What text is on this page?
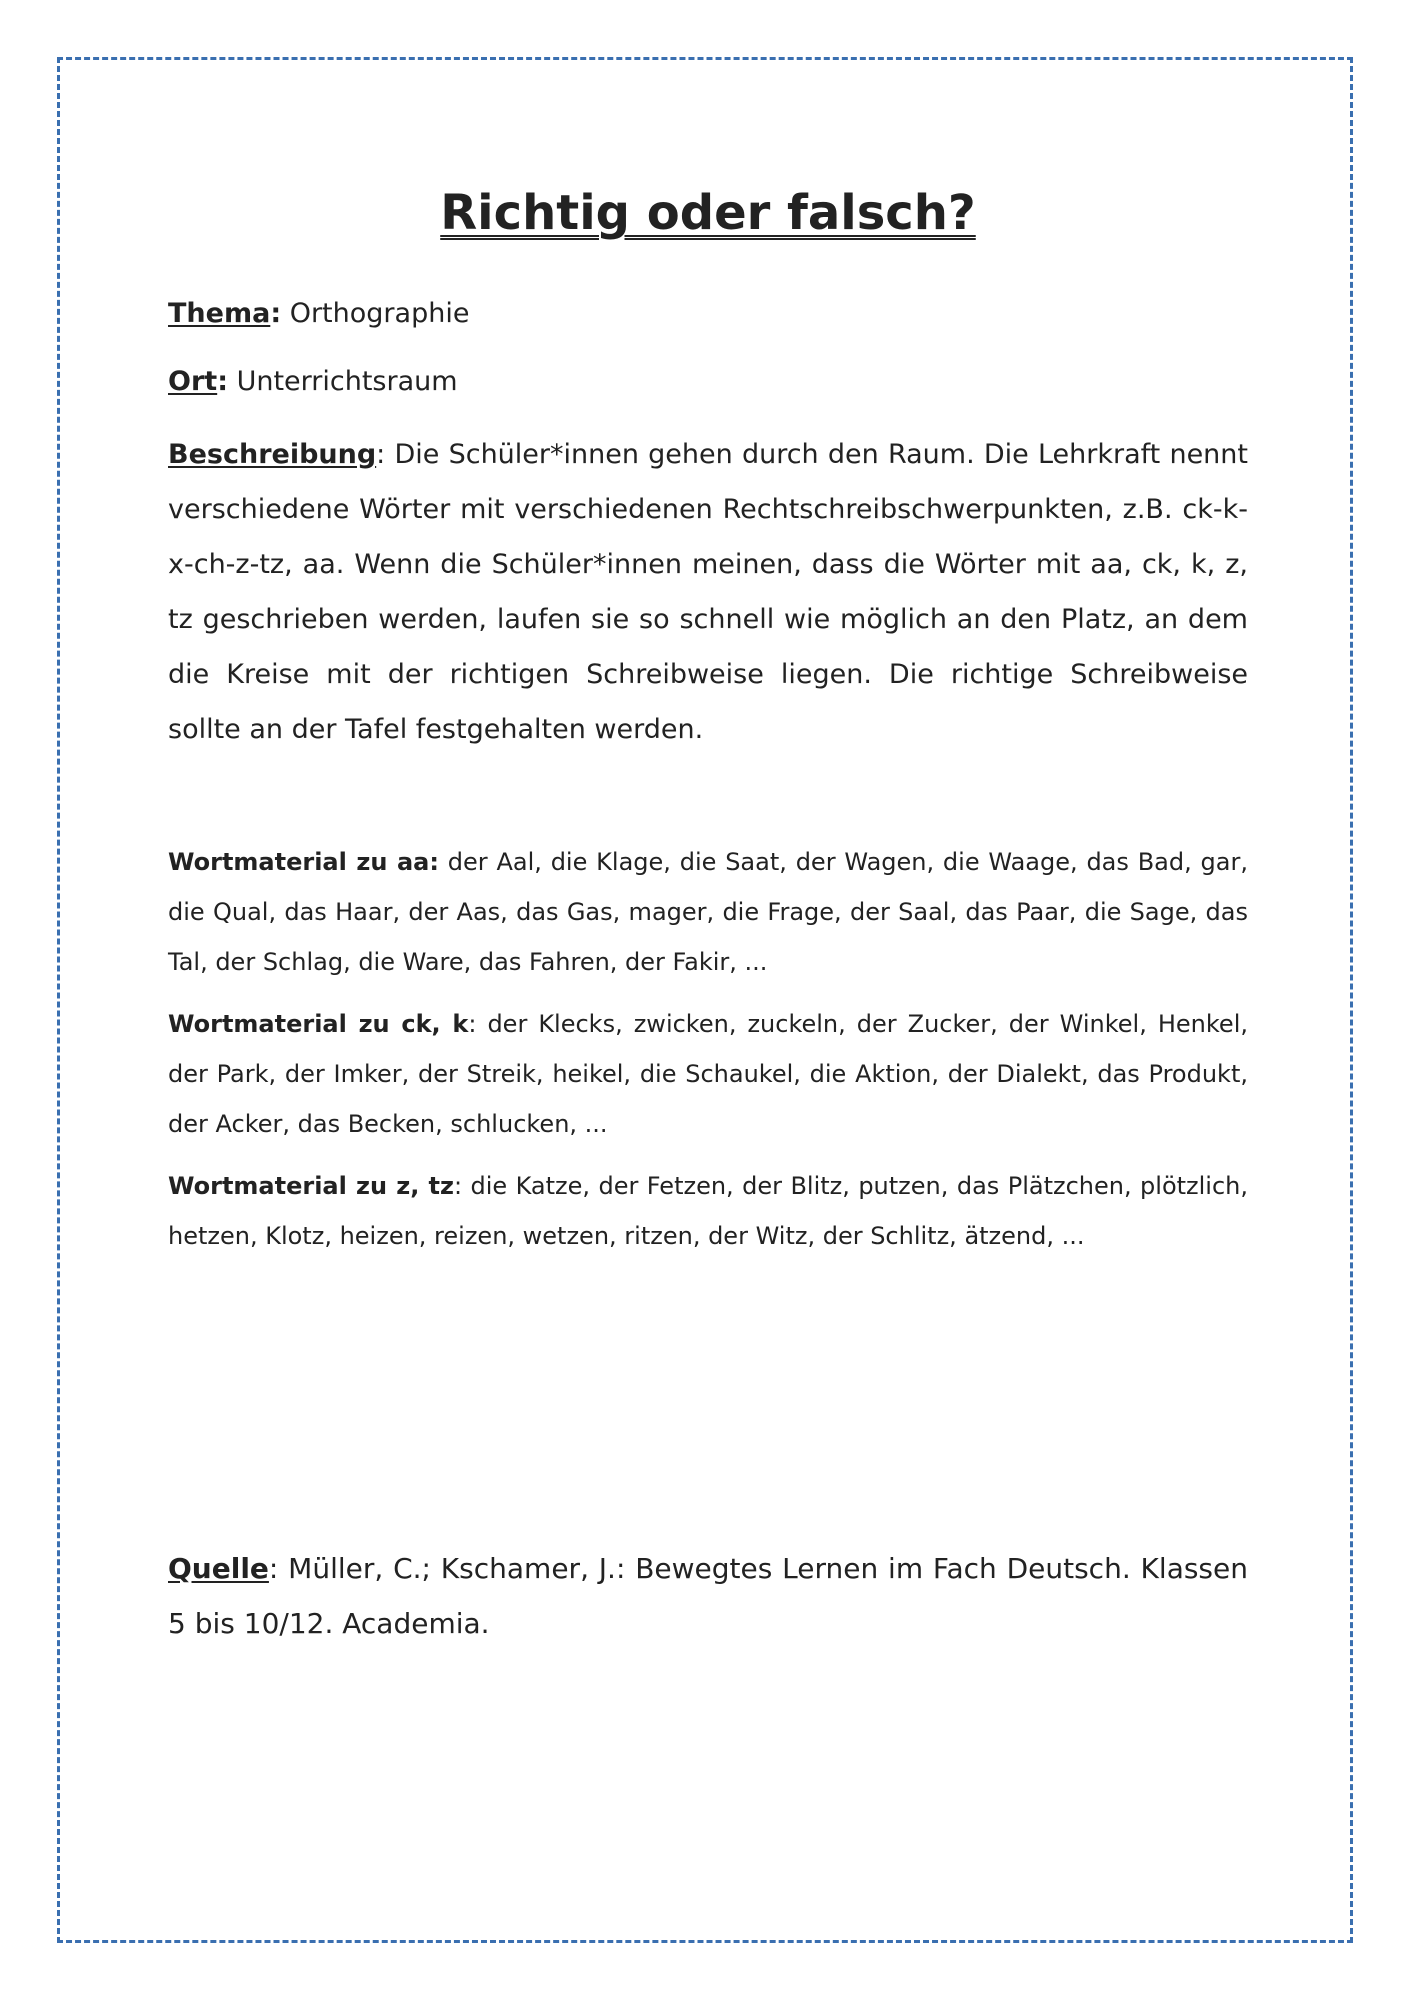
Richtig oder falsch?

Thema: Orthographie

Ort: Unterrichtsraum

Beschreibung: Die Schüler*innen gehen durch den Raum. Die Lehrkraft nennt verschiedene Wörter mit verschiedenen Rechtschreibschwerpunkten, z.B. ck-k-x-ch-z-tz, aa. Wenn die Schüler*innen meinen, dass die Wörter mit aa, ck, k, z, tz geschrieben werden, laufen sie so schnell wie möglich an den Platz, an dem die Kreise mit der richtigen Schreibweise liegen. Die richtige Schreibweise sollte an der Tafel festgehalten werden.

Wortmaterial zu aa: der Aal, die Klage, die Saat, der Wagen, die Waage, das Bad, gar, die Qual, das Haar, der Aas, das Gas, mager, die Frage, der Saal, das Paar, die Sage, das Tal, der Schlag, die Ware, das Fahren, der Fakir, ...

Wortmaterial zu ck, k: der Klecks, zwicken, zuckeln, der Zucker, der Winkel, Henkel, der Park, der Imker, der Streik, heikel, die Schaukel, die Aktion, der Dialekt, das Produkt, der Acker, das Becken, schlucken, ...

Wortmaterial zu z, tz: die Katze, der Fetzen, der Blitz, putzen, das Plätzchen, plötzlich, hetzen, Klotz, heizen, reizen, wetzen, ritzen, der Witz, der Schlitz, ätzend, ...

Quelle: Müller, C.; Kschamer, J.: Bewegtes Lernen im Fach Deutsch. Klassen 5 bis 10/12. Academia.
